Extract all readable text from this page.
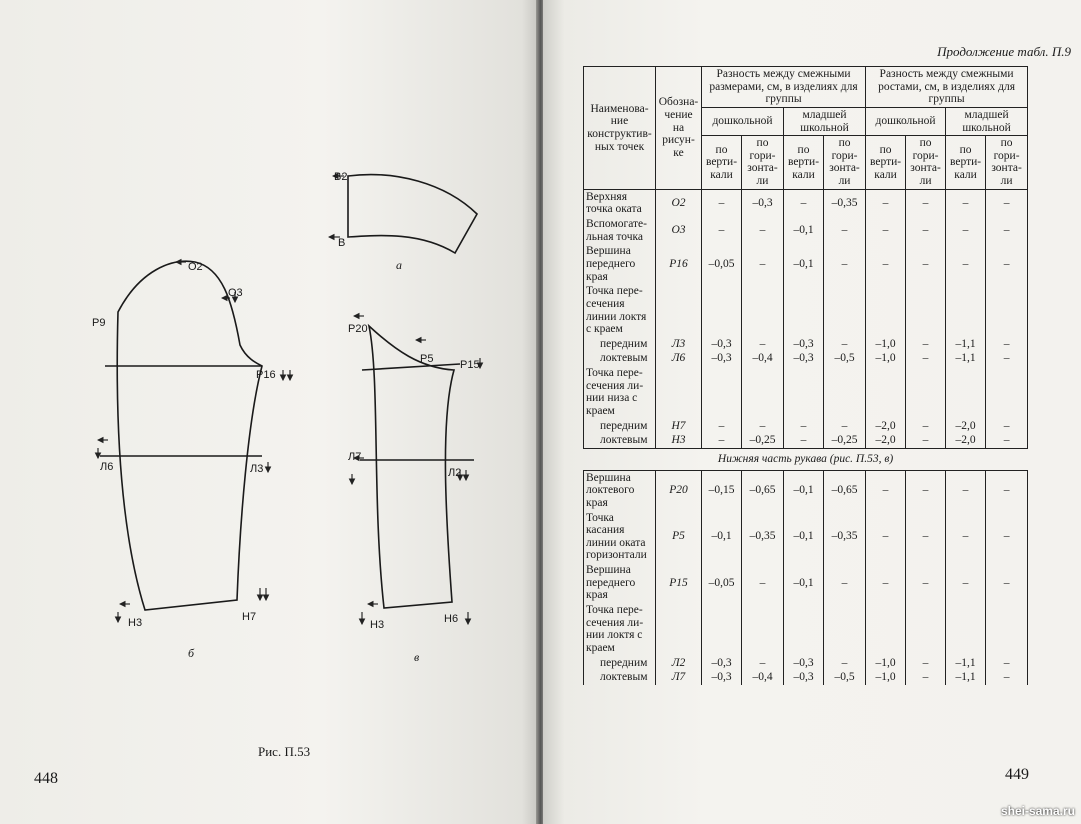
В2
В
О2
О3
Р9
Р16
Л6	Л3
Н3	Н7
Р20
Р5 Р15
Л7
Л2
Н3	Н6
а
б	в
Рис. П.53
448
Продолжение табл. П.9
Наименова-ние конструктив-ных точек	Обозна-чение на рисун-ке	Разность между смежными размерами, см, в изделиях для группы				Разность между смежными ростами, см, в изделиях для группы			
		дошкольной		младшей школьной		дошкольной		младшей школьной	
		по верти-кали	по гори-зонта-ли	по верти-кали	по гори-зонта-ли	по верти-кали	по гори-зонта-ли	по верти-кали	по гори-зонта-ли
Верхняя точка оката	О2	–	–0,3	–	–0,35	–	–	–	–
Вспомогате-льная точка	О3	–	–	–0,1	–	–	–	–	–
Вершина переднего края	Р16	–0,05	–	–0,1	–	–	–	–	–
Точка пере-сечения линии локтя с краем									
передним	Л3	–0,3	–	–0,3	–	–1,0	–	–1,1	–
локтевым	Л6	–0,3	–0,4	–0,3	–0,5	–1,0	–	–1,1	–
Точка пере-сечения ли-нии низа с краем									
передним	Н7	–	–	–	–	–2,0	–	–2,0	–
локтевым	Н3	–	–0,25	–	–0,25	–2,0	–	–2,0	–
Нижняя часть рукава (рис. П.53, в)									
Вершина локтевого края	Р20	–0,15	–0,65	–0,1	–0,65	–	–	–	–
Точка касания линии оката горизонтали	Р5	–0,1	–0,35	–0,1	–0,35	–	–	–	–
Вершина переднего края	Р15	–0,05	–	–0,1	–	–	–	–	–
Точка пере-сечения ли-нии локтя с краем									
передним	Л2	–0,3	–	–0,3	–	–1,0	–	–1,1	–
локтевым	Л7	–0,3	–0,4	–0,3	–0,5	–1,0	–	–1,1	–
449
shei-sama.ru
